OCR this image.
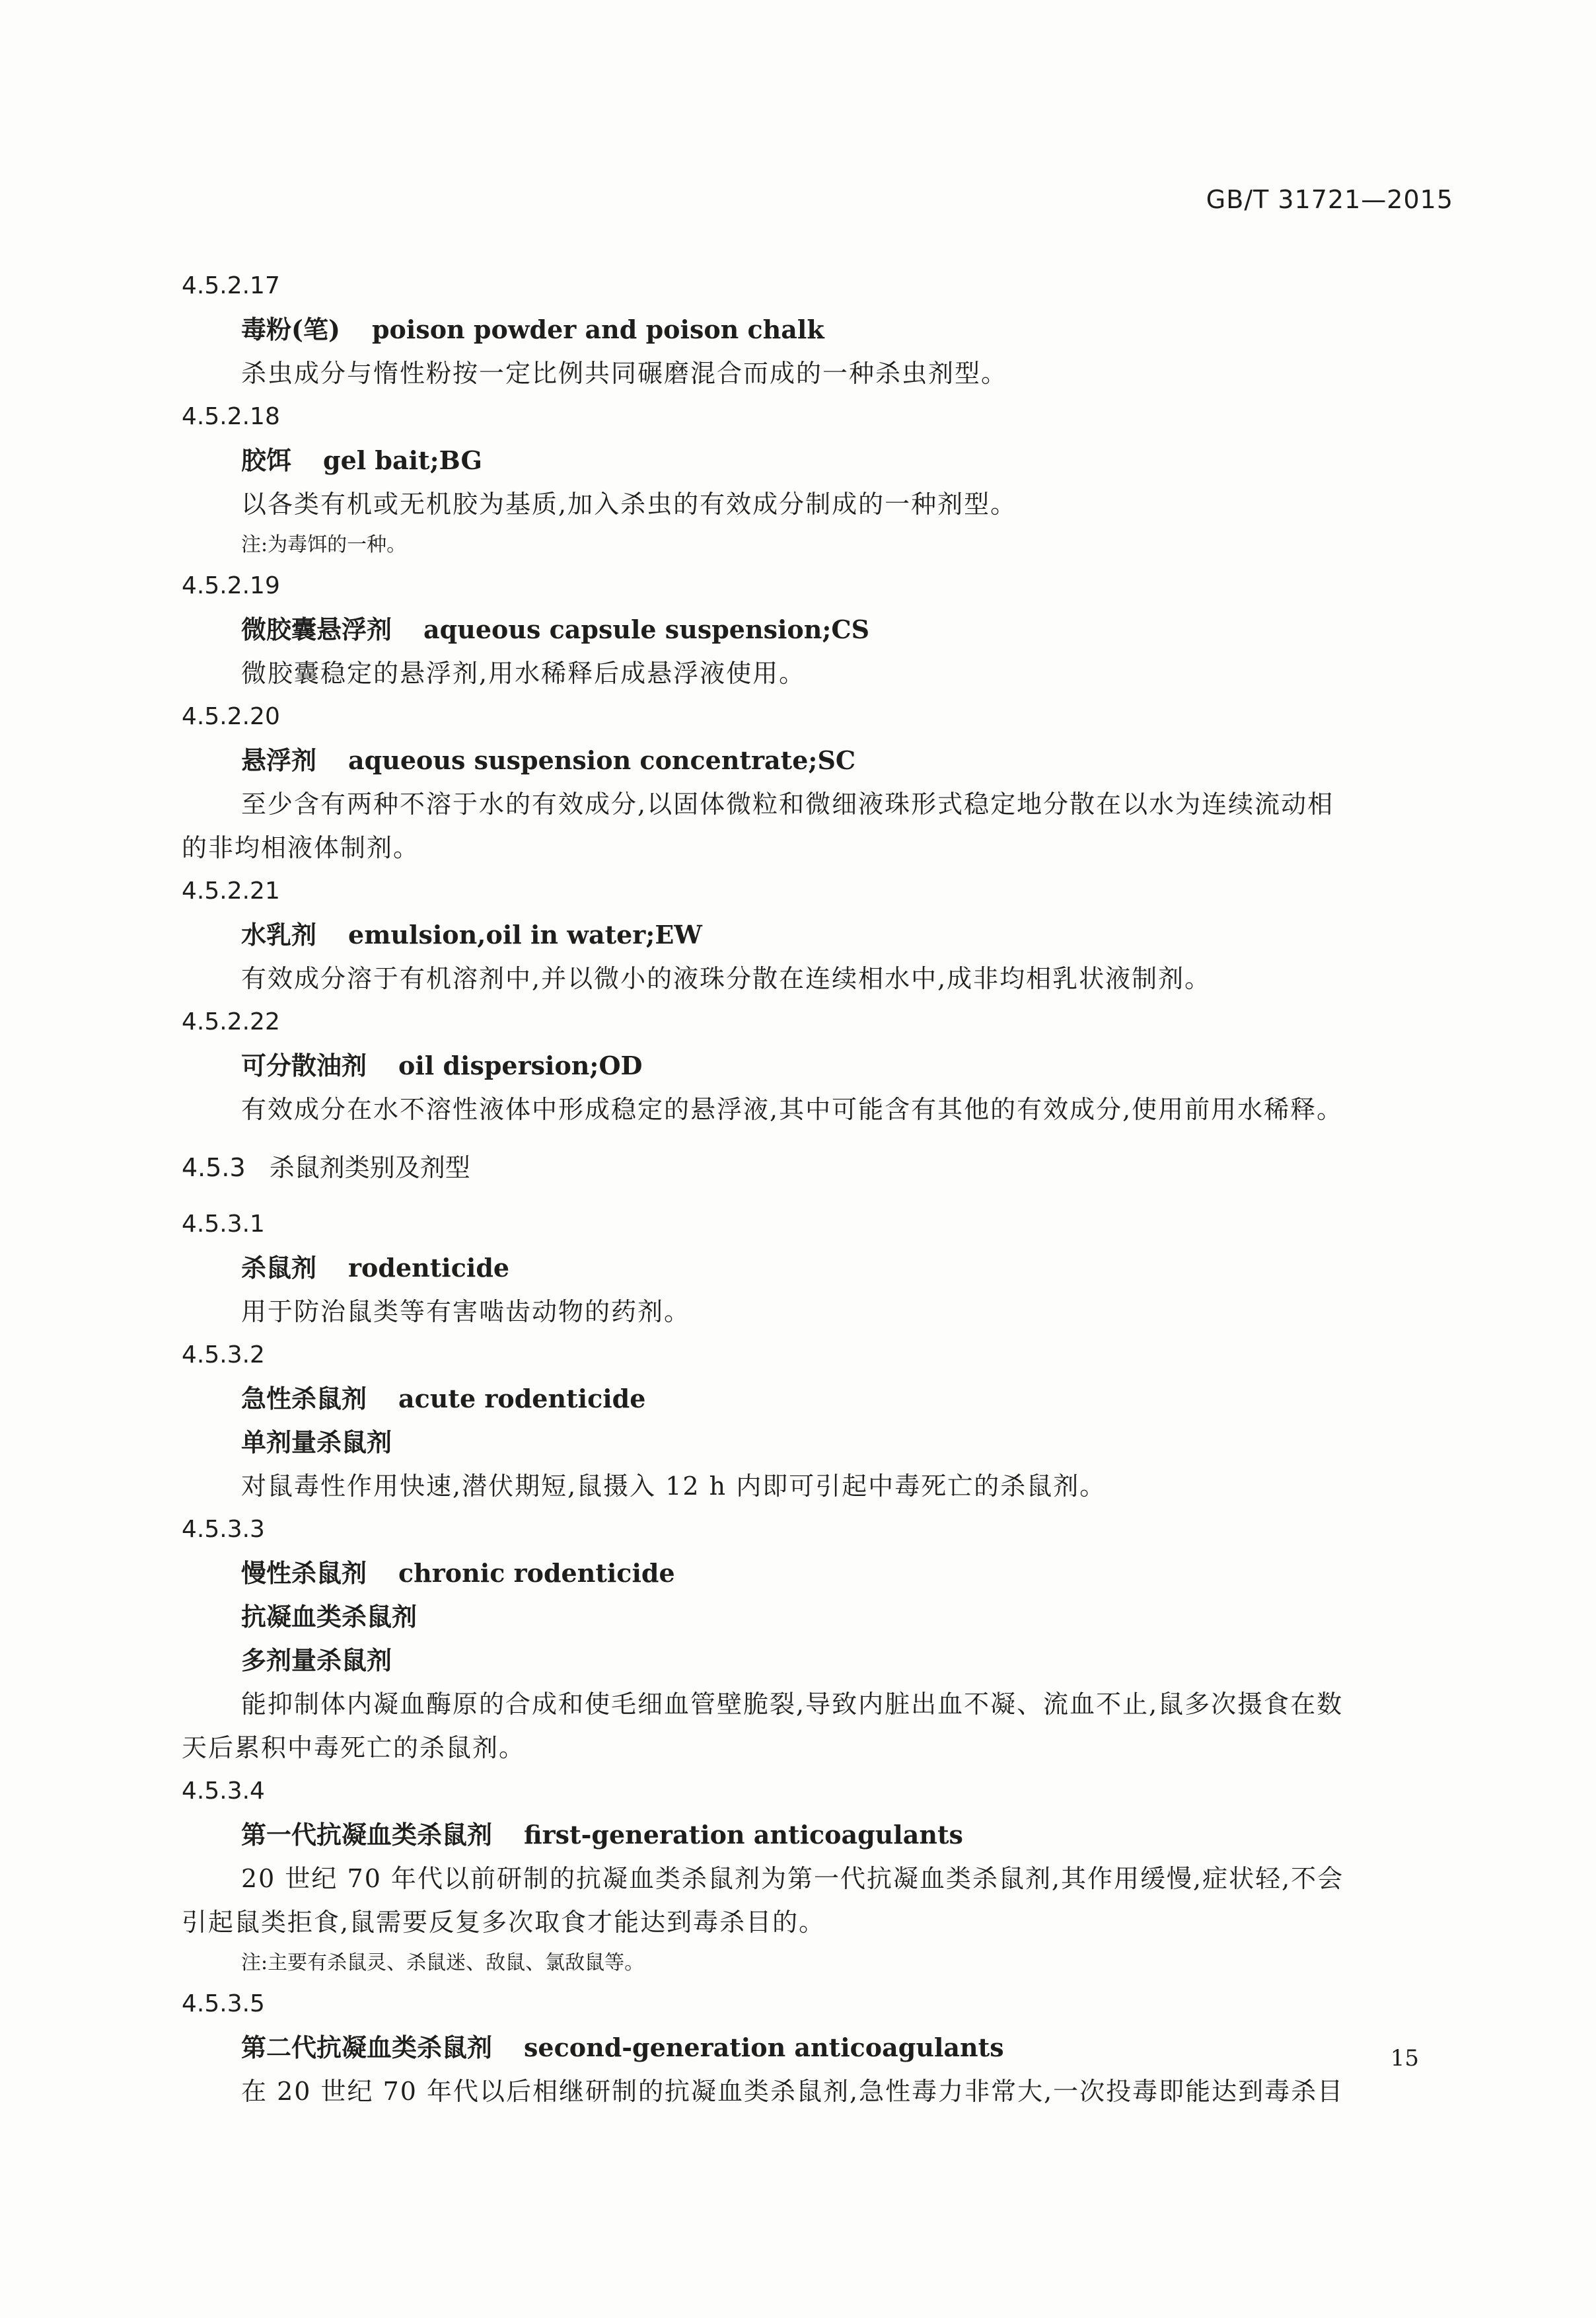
GB/T 31721—2015
4.5.2.17
毒粉(笔) poison powder and poison chalk
杀虫成分与惰性粉按一定比例共同碾磨混合而成的一种杀虫剂型。
4.5.2.18
胶饵 gel bait;BG
以各类有机或无机胶为基质,加入杀虫的有效成分制成的一种剂型。
注:为毒饵的一种。
4.5.2.19
微胶囊悬浮剂 aqueous capsule suspension;CS
微胶囊稳定的悬浮剂,用水稀释后成悬浮液使用。
4.5.2.20
悬浮剂 aqueous suspension concentrate;SC
至少含有两种不溶于水的有效成分,以固体微粒和微细液珠形式稳定地分散在以水为连续流动相
的非均相液体制剂。
4.5.2.21
水乳剂 emulsion,oil in water;EW
有效成分溶于有机溶剂中,并以微小的液珠分散在连续相水中,成非均相乳状液制剂。
4.5.2.22
可分散油剂 oil dispersion;OD
有效成分在水不溶性液体中形成稳定的悬浮液,其中可能含有其他的有效成分,使用前用水稀释。
4.5.3 杀鼠剂类别及剂型
4.5.3.1
杀鼠剂 rodenticide
用于防治鼠类等有害啮齿动物的药剂。
4.5.3.2
急性杀鼠剂 acute rodenticide
单剂量杀鼠剂
对鼠毒性作用快速,潜伏期短,鼠摄入 12 h 内即可引起中毒死亡的杀鼠剂。
4.5.3.3
慢性杀鼠剂 chronic rodenticide
抗凝血类杀鼠剂
多剂量杀鼠剂
能抑制体内凝血酶原的合成和使毛细血管壁脆裂,导致内脏出血不凝、流血不止,鼠多次摄食在数
天后累积中毒死亡的杀鼠剂。
4.5.3.4
第一代抗凝血类杀鼠剂 first-generation anticoagulants
20 世纪 70 年代以前研制的抗凝血类杀鼠剂为第一代抗凝血类杀鼠剂,其作用缓慢,症状轻,不会
引起鼠类拒食,鼠需要反复多次取食才能达到毒杀目的。
注:主要有杀鼠灵、杀鼠迷、敌鼠、氯敌鼠等。
4.5.3.5
第二代抗凝血类杀鼠剂 second-generation anticoagulants
在 20 世纪 70 年代以后相继研制的抗凝血类杀鼠剂,急性毒力非常大,一次投毒即能达到毒杀目
15
